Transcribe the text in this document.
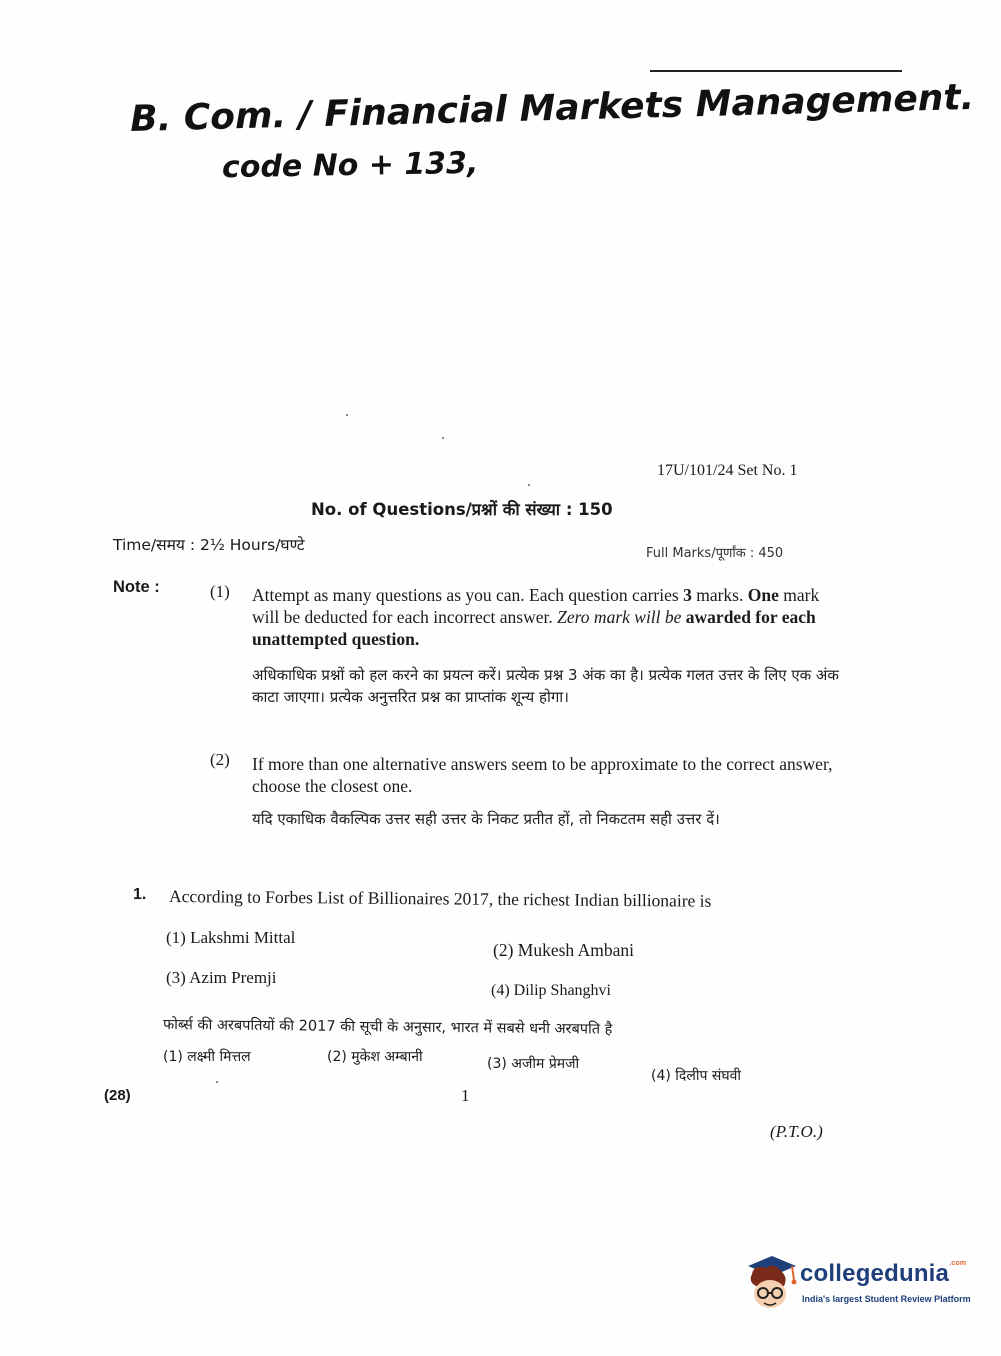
B. Com. / Financial Markets Management.
code No + 133,
17U/101/24 Set No. 1
No. of Questions/प्रश्नों की संख्या : 150
Time/समय : 2½ Hours/घण्टे	Full Marks/पूर्णांक : 450
Note :	(1) Attempt as many questions as you can. Each question carries 3 marks. One mark will be deducted for each incorrect answer. Zero mark will be awarded for each unattempted question.
अधिकाधिक प्रश्नों को हल करने का प्रयत्न करें। प्रत्येक प्रश्न 3 अंक का है। प्रत्येक गलत उत्तर के लिए एक अंक काटा जाएगा। प्रत्येक अनुत्तरित प्रश्न का प्राप्तांक शून्य होगा।
(2) If more than one alternative answers seem to be approximate to the correct answer, choose the closest one.
यदि एकाधिक वैकल्पिक उत्तर सही उत्तर के निकट प्रतीत हों, तो निकटतम सही उत्तर दें।
1. According to Forbes List of Billionaires 2017, the richest Indian billionaire is
(1) Lakshmi Mittal
(2) Mukesh Ambani
(3) Azim Premji
(4) Dilip Shanghvi
फोर्ब्स की अरबपतियों की 2017 की सूची के अनुसार, भारत में सबसे धनी अरबपति है
(1) लक्ष्मी मित्तल	(2) मुकेश अम्बानी	(3) अजीम प्रेमजी
(4) दिलीप संघवी
(28)	1
(P.T.O.)
collegedunia$^{.com}$
India's largest Student Review Platform
